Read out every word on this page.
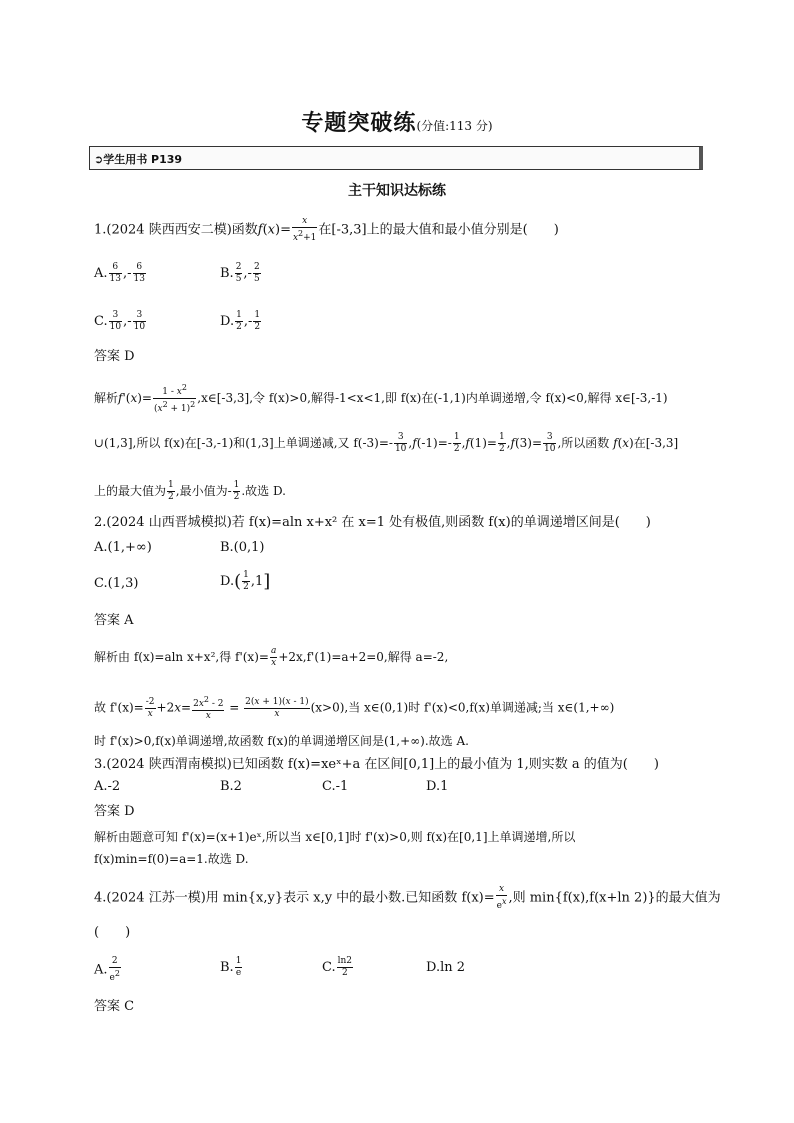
专题突破练(分值:113 分)
➲学生用书 P139
主干知识达标练
1.(2024 陕西西安二模)函数$f(x)= \frac{x}{x^2+1}$ 在[-3,3]上的最大值和最小值分别是(　　)
A. $\frac{6}{13}$ ,- $\frac{6}{13}$	B. $\frac{2}{5}$ ,- $\frac{2}{5}$
C. $\frac{3}{10}$ ,- $\frac{3}{10}$	D. $\frac{1}{2}$ ,- $\frac{1}{2}$
答案 D
解析$f'(x)= \frac{1 - x^2}{(x^2 + 1)^2}$ ,x∈[-3,3],令 f(x)>0,解得-1<x<1,即 f(x)在(-1,1)内单调递增,令 f(x)<0,解得 x∈[-3,-1)
∪(1,3],所以 f(x)在[-3,-1)和(1,3]上单调递减,又 $f(-3)=- \frac{3}{10} ,f(-1)=- \frac{1}{2} ,f(1)= \frac{1}{2} ,f(3)= \frac{3}{10}$ ,所以函数 f(x)在[-3,3]
上的最大值为 $\frac{1}{2}$ ,最小值为- $\frac{1}{2}$ .故选 D.
2.(2024 山西晋城模拟)若 f(x)=aln x+x² 在 x=1 处有极值,则函数 f(x)的单调递增区间是(　　)
A.(1,+∞)	B.(0,1)
C.(1,3)	$D.( \frac{1}{2} ,1]$
答案 A
解析由 f(x)=aln x+x²,得 $f'(x)= \frac{a}{x} +2x,f'(1)=a+2=0$,解得 a=-2,
故 $f'(x)= \frac{-2}{x} +2x= \frac{2x^2 - 2}{x} = \frac{2(x + 1)(x - 1)}{x} (x>0)$,当 x∈(0,1)时 f'(x)<0,f(x)单调递减;当 x∈(1,+∞)
时 f'(x)>0,f(x)单调递增,故函数 f(x)的单调递增区间是(1,+∞).故选 A.
3.(2024 陕西渭南模拟)已知函数 f(x)=xeˣ+a 在区间[0,1]上的最小值为 1,则实数 a 的值为(　　)
A.-2	B.2	C.-1	D.1
答案 D
解析由题意可知 f'(x)=(x+1)eˣ,所以当 x∈[0,1]时 f'(x)>0,则 f(x)在[0,1]上单调递增,所以
f(x)min=f(0)=a=1.故选 D.
4.(2024 江苏一模)用 min{x,y}表示 x,y 中的最小数.已知函数 $f(x)= \frac{x}{e^x}$ ,则 min{f(x),f(x+ln 2)}的最大值为
(　　)
A. $\frac{2}{e^2}$	B. $\frac{1}{e}$	C. $\frac{\ln 2}{2}$	D.ln 2
答案 C
